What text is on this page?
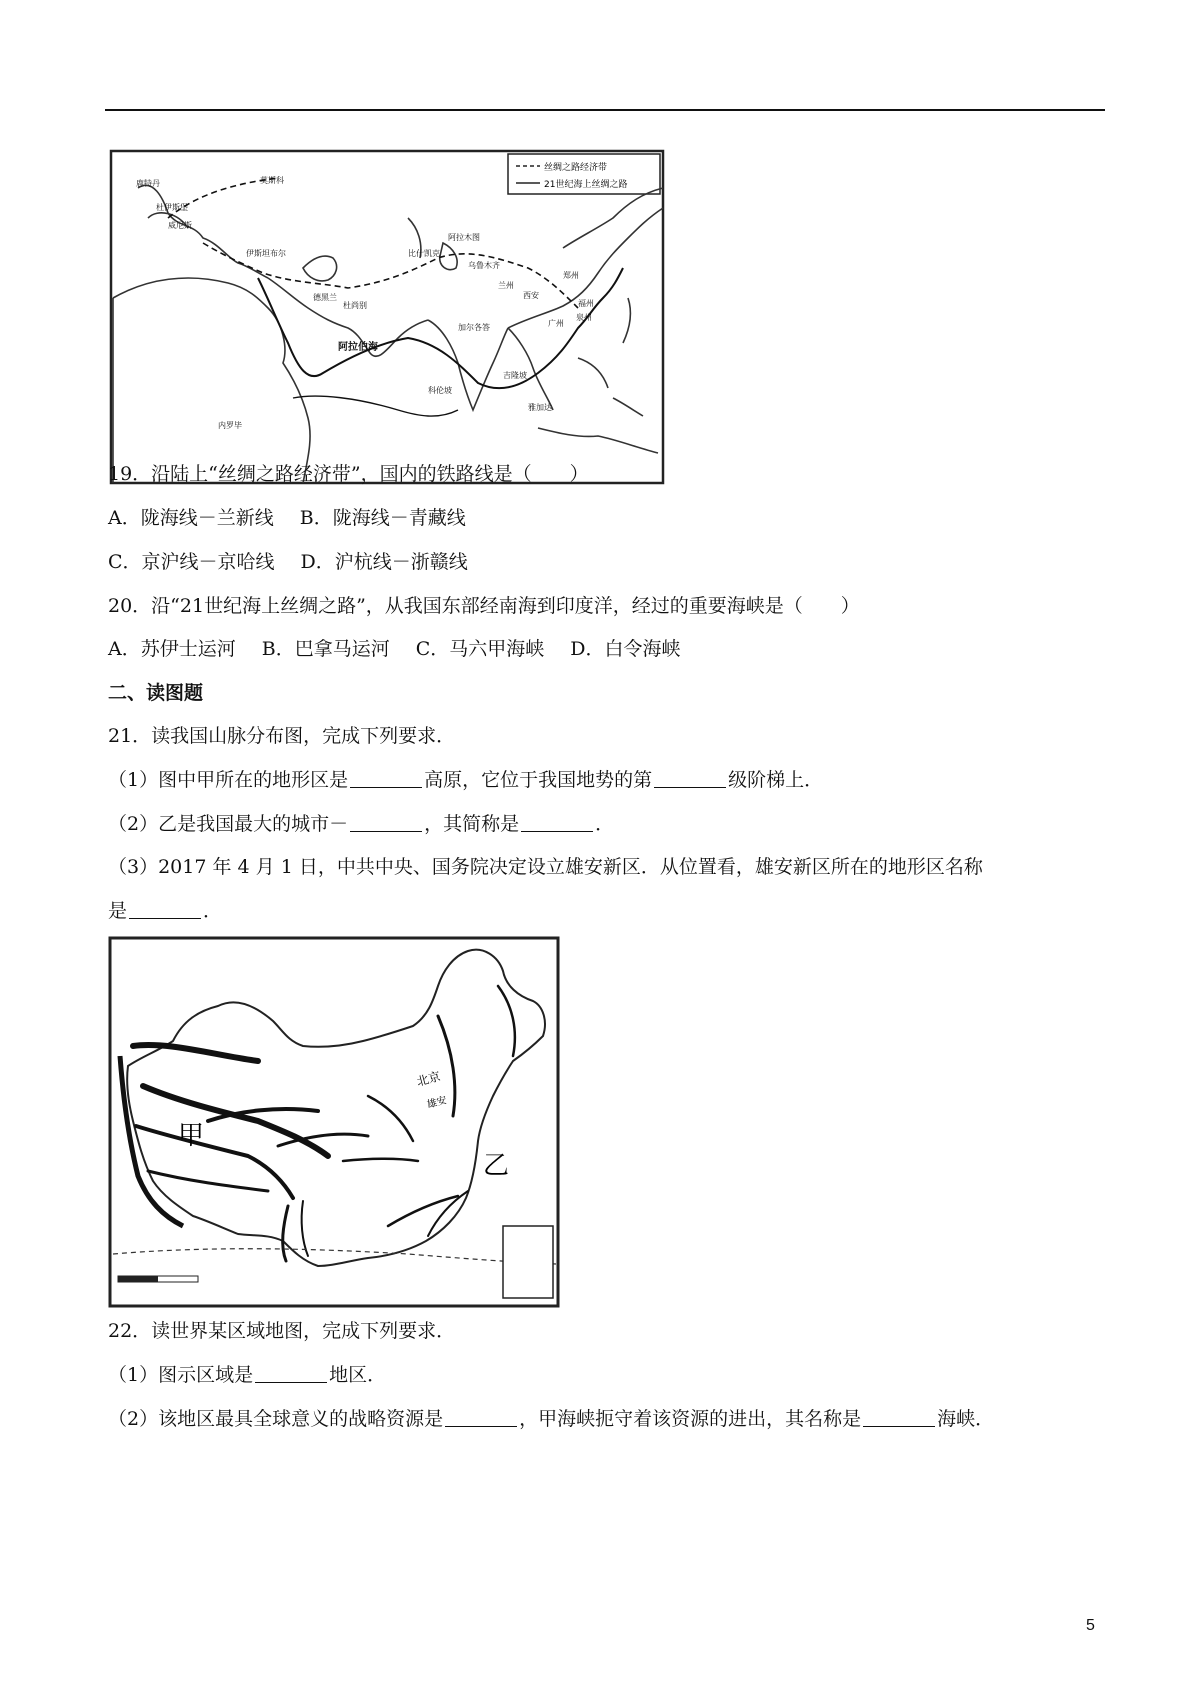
丝绸之路经济带
21世纪海上丝绸之路
鹿特丹	莫斯科
杜伊斯堡
威尼斯
伊斯坦布尔
德黑兰
阿拉木图
比什凯克
杜尚别
乌鲁木齐
兰州
西安
郑州
福州
泉州
广州
加尔各答
科伦坡
吉隆坡
雅加达
内罗毕
阿拉伯海
19．沿陆上“丝绸之路经济带”，国内的铁路线是（　　）
A．陇海线－兰新线 B．陇海线－青藏线
C．京沪线－京哈线 D．沪杭线－浙赣线
20．沿“21世纪海上丝绸之路”，从我国东部经南海到印度洋，经过的重要海峡是（　　）
A．苏伊士运河 B．巴拿马运河 C．马六甲海峡 D．白令海峡
二、读图题
21．读我国山脉分布图，完成下列要求．
（1）图中甲所在的地形区是	高原，它位于我国地势的第	级阶梯上．
（2）乙是我国最大的城市－	，其简称是	．
（3）2017 年 4 月 1 日，中共中央、国务院决定设立雄安新区．从位置看，雄安新区所在的地形区名称
是	．
甲
乙
北京
雄安
22．读世界某区域地图，完成下列要求．
（1）图示区域是	地区．
（2）该地区最具全球意义的战略资源是	，甲海峡扼守着该资源的进出，其名称是	海峡．
5
